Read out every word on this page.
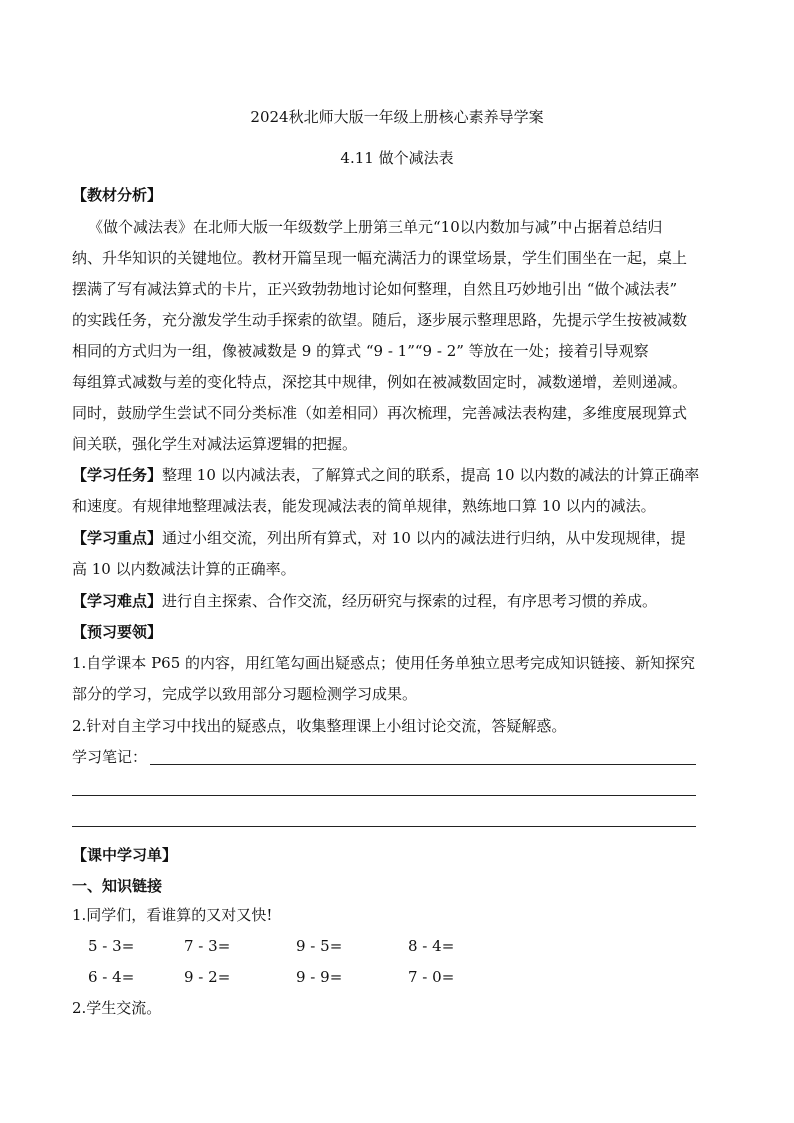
2024秋北师大版一年级上册核心素养导学案
4.11 做个减法表
【教材分析】
《做个减法表》在北师大版一年级数学上册第三单元“10以内数加与减”中占据着总结归
纳、升华知识的关键地位。教材开篇呈现一幅充满活力的课堂场景，学生们围坐在一起，桌上
摆满了写有减法算式的卡片，正兴致勃勃地讨论如何整理，自然且巧妙地引出 “做个减法表”
的实践任务，充分激发学生动手探索的欲望。随后，逐步展示整理思路，先提示学生按被减数
相同的方式归为一组，像被减数是 9 的算式 “9 - 1”“9 - 2” 等放在一处；接着引导观察
每组算式减数与差的变化特点，深挖其中规律，例如在被减数固定时，减数递增，差则递减。
同时，鼓励学生尝试不同分类标准（如差相同）再次梳理，完善减法表构建，多维度展现算式
间关联，强化学生对减法运算逻辑的把握。
【学习任务】整理 10 以内减法表，了解算式之间的联系，提高 10 以内数的减法的计算正确率
和速度。有规律地整理减法表，能发现减法表的简单规律，熟练地口算 10 以内的减法。
【学习重点】通过小组交流，列出所有算式，对 10 以内的减法进行归纳，从中发现规律，提
高 10 以内数减法计算的正确率。
【学习难点】进行自主探索、合作交流，经历研究与探索的过程，有序思考习惯的养成。
【预习要领】
1.自学课本 P65 的内容，用红笔勾画出疑惑点；使用任务单独立思考完成知识链接、新知探究
部分的学习，完成学以致用部分习题检测学习成果。
2.针对自主学习中找出的疑惑点，收集整理课上小组讨论交流，答疑解惑。
学习笔记：
【课中学习单】
一、知识链接
1.同学们，看谁算的又对又快!
5 - 3=	7 - 3=	9 - 5=	8 - 4=
6 - 4=	9 - 2=	9 - 9=	7 - 0=
2.学生交流。
